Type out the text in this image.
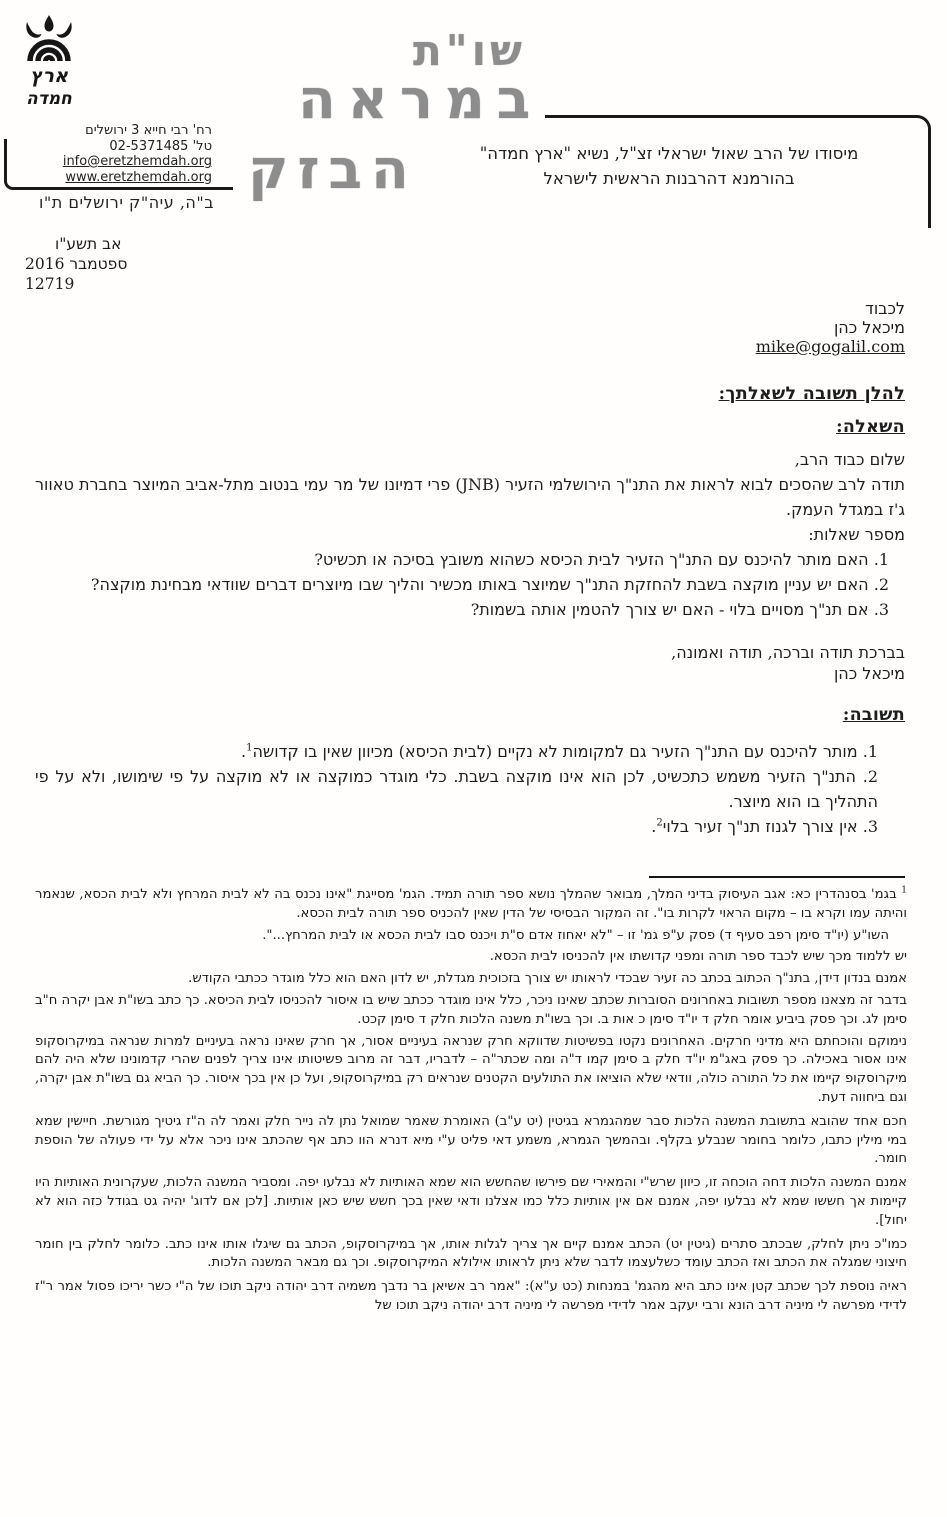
ארץ
חמדה
רח' רבי חייא 3 ירושלים
טל' 02-5371485
info@eretzhemdah.org
www.eretzhemdah.org
ב"ה, עיה"ק ירושלים ת"ו
שו"ת
במראה
הבזק	מיסודו של הרב שאול ישראלי זצ"ל, נשיא "ארץ חמדה"
בהורמנא דהרבנות הראשית לישראל
אב תשע"ו
ספטמבר 2016
12719
לכבוד
מיכאל כהן
mike@gogalil.com
להלן תשובה לשאלתך:
השאלה:
שלום כבוד הרב,
תודה לרב שהסכים לבוא לראות את התנ"ך הירושלמי הזעיר (JNB) פרי דמיונו של מר עמי בנטוב מתל-אביב המיוצר בחברת טאוור ג'ז במגדל העמק.
מספר שאלות:
1. האם מותר להיכנס עם התנ"ך הזעיר לבית הכיסא כשהוא משובץ בסיכה או תכשיט?
2. האם יש עניין מוקצה בשבת להחזקת התנ"ך שמיוצר באותו מכשיר והליך שבו מיוצרים דברים שוודאי מבחינת מוקצה?
3. אם תנ"ך מסויים בלוי - האם יש צורך להטמין אותה בשמות?
בברכת תודה וברכה, תודה ואמונה,
מיכאל כהן
תשובה:
1. מותר להיכנס עם התנ"ך הזעיר גם למקומות לא נקיים (לבית הכיסא) מכיוון שאין בו קדושה$^1$.
2. התנ"ך הזעיר משמש כתכשיט, לכן הוא אינו מוקצה בשבת. כלי מוגדר כמוקצה או לא מוקצה על פי שימושו, ולא על פי התהליך בו הוא מיוצר.
3. אין צורך לגנוז תנ"ך זעיר בלוי$^2$.

$^1$ בגמ' בסנהדרין כא: אגב העיסוק בדיני המלך, מבואר שהמלך נושא ספר תורה תמיד. הגמ' מסייגת "אינו נכנס בה לא לבית המרחץ ולא לבית הכסא, שנאמר והיתה עמו וקרא בו – מקום הראוי לקרות בו". זה המקור הבסיסי של הדין שאין להכניס ספר תורה לבית הכסא.

השו"ע (יו"ד סימן רפב סעיף ד) פסק ע"פ גמ' זו – "לא יאחוז אדם ס"ת ויכנס סבו לבית הכסא או לבית המרחץ...".

יש ללמוד מכך שיש לכבד ספר תורה ומפני קדושתו אין להכניסו לבית הכסא.

אמנם בנדון דידן, בתנ"ך הכתוב בכתב כה זעיר שבכדי לראותו יש צורך בזכוכית מגדלת, יש לדון האם הוא כלל מוגדר ככתבי הקודש.

בדבר זה מצאנו מספר תשובות באחרונים הסוברות שכתב שאינו ניכר, כלל אינו מוגדר ככתב שיש בו איסור להכניסו לבית הכיסא. כך כתב בשו"ת אבן יקרה ח"ב סימן לג. וכך פסק ביביע אומר חלק ד יו"ד סימן כ אות ב. וכך בשו"ת משנה הלכות חלק ד סימן קכט.

נימוקם והוכחתם היא מדיני חרקים. האחרונים נקטו בפשיטות שדווקא חרק שנראה בעיניים אסור, אך חרק שאינו נראה בעיניים למרות שנראה במיקרוסקופ אינו אסור באכילה. כך פסק באג"מ יו"ד חלק ב סימן קמו ד"ה ומה שכתר"ה – לדבריו, דבר זה מרוב פשיטותו אינו צריך לפנים שהרי קדמונינו שלא היה להם מיקרוסקופ קיימו את כל התורה כולה, וודאי שלא הוציאו את התולעים הקטנים שנראים רק במיקרוסקופ, ועל כן אין בכך איסור. כך הביא גם בשו"ת אבן יקרה, וגם ביחווה דעת.

חכם אחד שהובא בתשובת המשנה הלכות סבר שמהגמרא בגיטין (יט ע"ב) האומרת שאמר שמואל נתן לה נייר חלק ואמר לה ה"ז גיטיך מגורשת. חיישין שמא במי מילין כתבו, כלומר בחומר שנבלע בקלף. ובהמשך הגמרא, משמע דאי פליט ע"י מיא דנרא הוו כתב אף שהכתב אינו ניכר אלא על ידי פעולה של הוספת חומר.

אמנם המשנה הלכות דחה הוכחה זו, כיוון שרש"י והמאירי שם פירשו שהחשש הוא שמא האותיות לא נבלעו יפה. ומסביר המשנה הלכות, שעקרונית האותיות היו קיימות אך חששו שמא לא נבלעו יפה, אמנם אם אין אותיות כלל כמו אצלנו ודאי שאין בכך חשש שיש כאן אותיות. [לכן אם לדוג' יהיה גט בגודל כזה הוא לא יחול].

כמו"כ ניתן לחלק, שבכתב סתרים (גיטין יט) הכתב אמנם קיים אך צריך לגלות אותו, אך במיקרוסקופ, הכתב גם שיגלו אותו אינו כתב. כלומר לחלק בין חומר חיצוני שמגלה את הכתב ואז הכתב עומד כשלעצמו לדבר שלא ניתן לראותו אילולא המיקרוסקופ. וכך גם מבאר המשנה הלכות.

ראיה נוספת לכך שכתב קטן אינו כתב היא מהגמ' במנחות (כט ע"א): "אמר רב אשיאן בר נדבך משמיה דרב יהודה ניקב תוכו של ה"י כשר יריכו פסול אמר ר"ז לדידי מפרשה לי מיניה דרב הונא ורבי יעקב אמר לדידי מפרשה לי מיניה דרב יהודה ניקב תוכו של
